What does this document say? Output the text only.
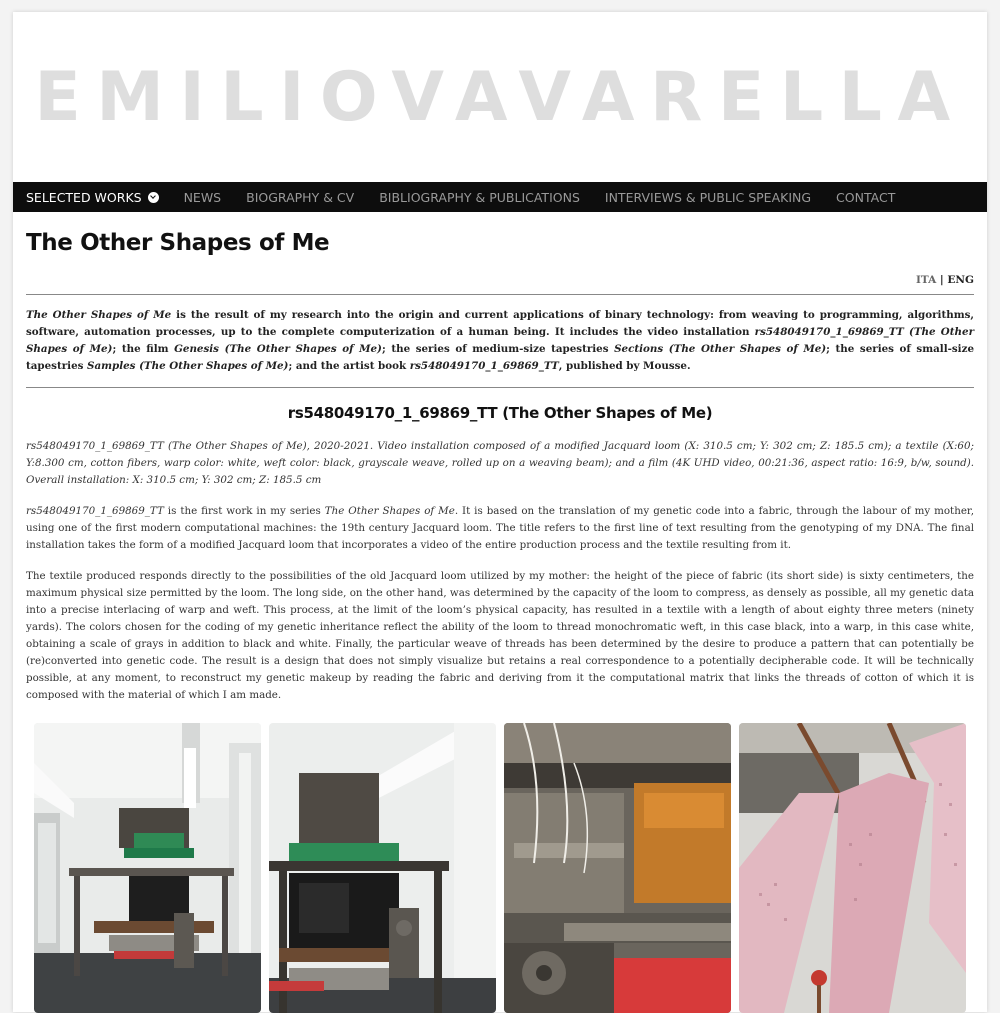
EMILIOVAVARELLA
SELECTED WORKS	NEWS BIOGRAPHY & CV BIBLIOGRAPHY & PUBLICATIONS INTERVIEWS & PUBLIC SPEAKING CONTACT
The Other Shapes of Me
ITA | ENG

The Other Shapes of Me is the result of my research into the origin and current applications of binary technology: from weaving to programming, algorithms, software, automation processes, up to the complete computerization of a human being. It includes the video installation rs548049170_1_69869_TT (The Other Shapes of Me); the film Genesis (The Other Shapes of Me); the series of medium-size tapestries Sections (The Other Shapes of Me); the series of small-size tapestries Samples (The Other Shapes of Me); and the artist book rs548049170_1_69869_TT, published by Mousse.

rs548049170_1_69869_TT (The Other Shapes of Me)

rs548049170_1_69869_TT (The Other Shapes of Me), 2020-2021. Video installation composed of a modified Jacquard loom (X: 310.5 cm; Y: 302 cm; Z: 185.5 cm); a textile (X:60; Y:8.300 cm, cotton fibers, warp color: white, weft color: black, grayscale weave, rolled up on a weaving beam); and a film (4K UHD video, 00:21:36, aspect ratio: 16:9, b/w, sound). Overall installation: X: 310.5 cm; Y: 302 cm; Z: 185.5 cm

rs548049170_1_69869_TT is the first work in my series The Other Shapes of Me. It is based on the translation of my genetic code into a fabric, through the labour of my mother, using one of the first modern computational machines: the 19th century Jacquard loom. The title refers to the first line of text resulting from the genotyping of my DNA. The final installation takes the form of a modified Jacquard loom that incorporates a video of the entire production process and the textile resulting from it.

The textile produced responds directly to the possibilities of the old Jacquard loom utilized by my mother: the height of the piece of fabric (its short side) is sixty centimeters, the maximum physical size permitted by the loom. The long side, on the other hand, was determined by the capacity of the loom to compress, as densely as possible, all my genetic data into a precise interlacing of warp and weft. This process, at the limit of the loom’s physical capacity, has resulted in a textile with a length of about eighty three meters (ninety yards). The colors chosen for the coding of my genetic inheritance reflect the ability of the loom to thread monochromatic weft, in this case black, into a warp, in this case white, obtaining a scale of grays in addition to black and white. Finally, the particular weave of threads has been determined by the desire to produce a pattern that can potentially be (re)converted into genetic code. The result is a design that does not simply visualize but retains a real correspondence to a potentially decipherable code. It will be technically possible, at any moment, to reconstruct my genetic makeup by reading the fabric and deriving from it the computational matrix that links the threads of cotton of which it is composed with the material of which I am made.
